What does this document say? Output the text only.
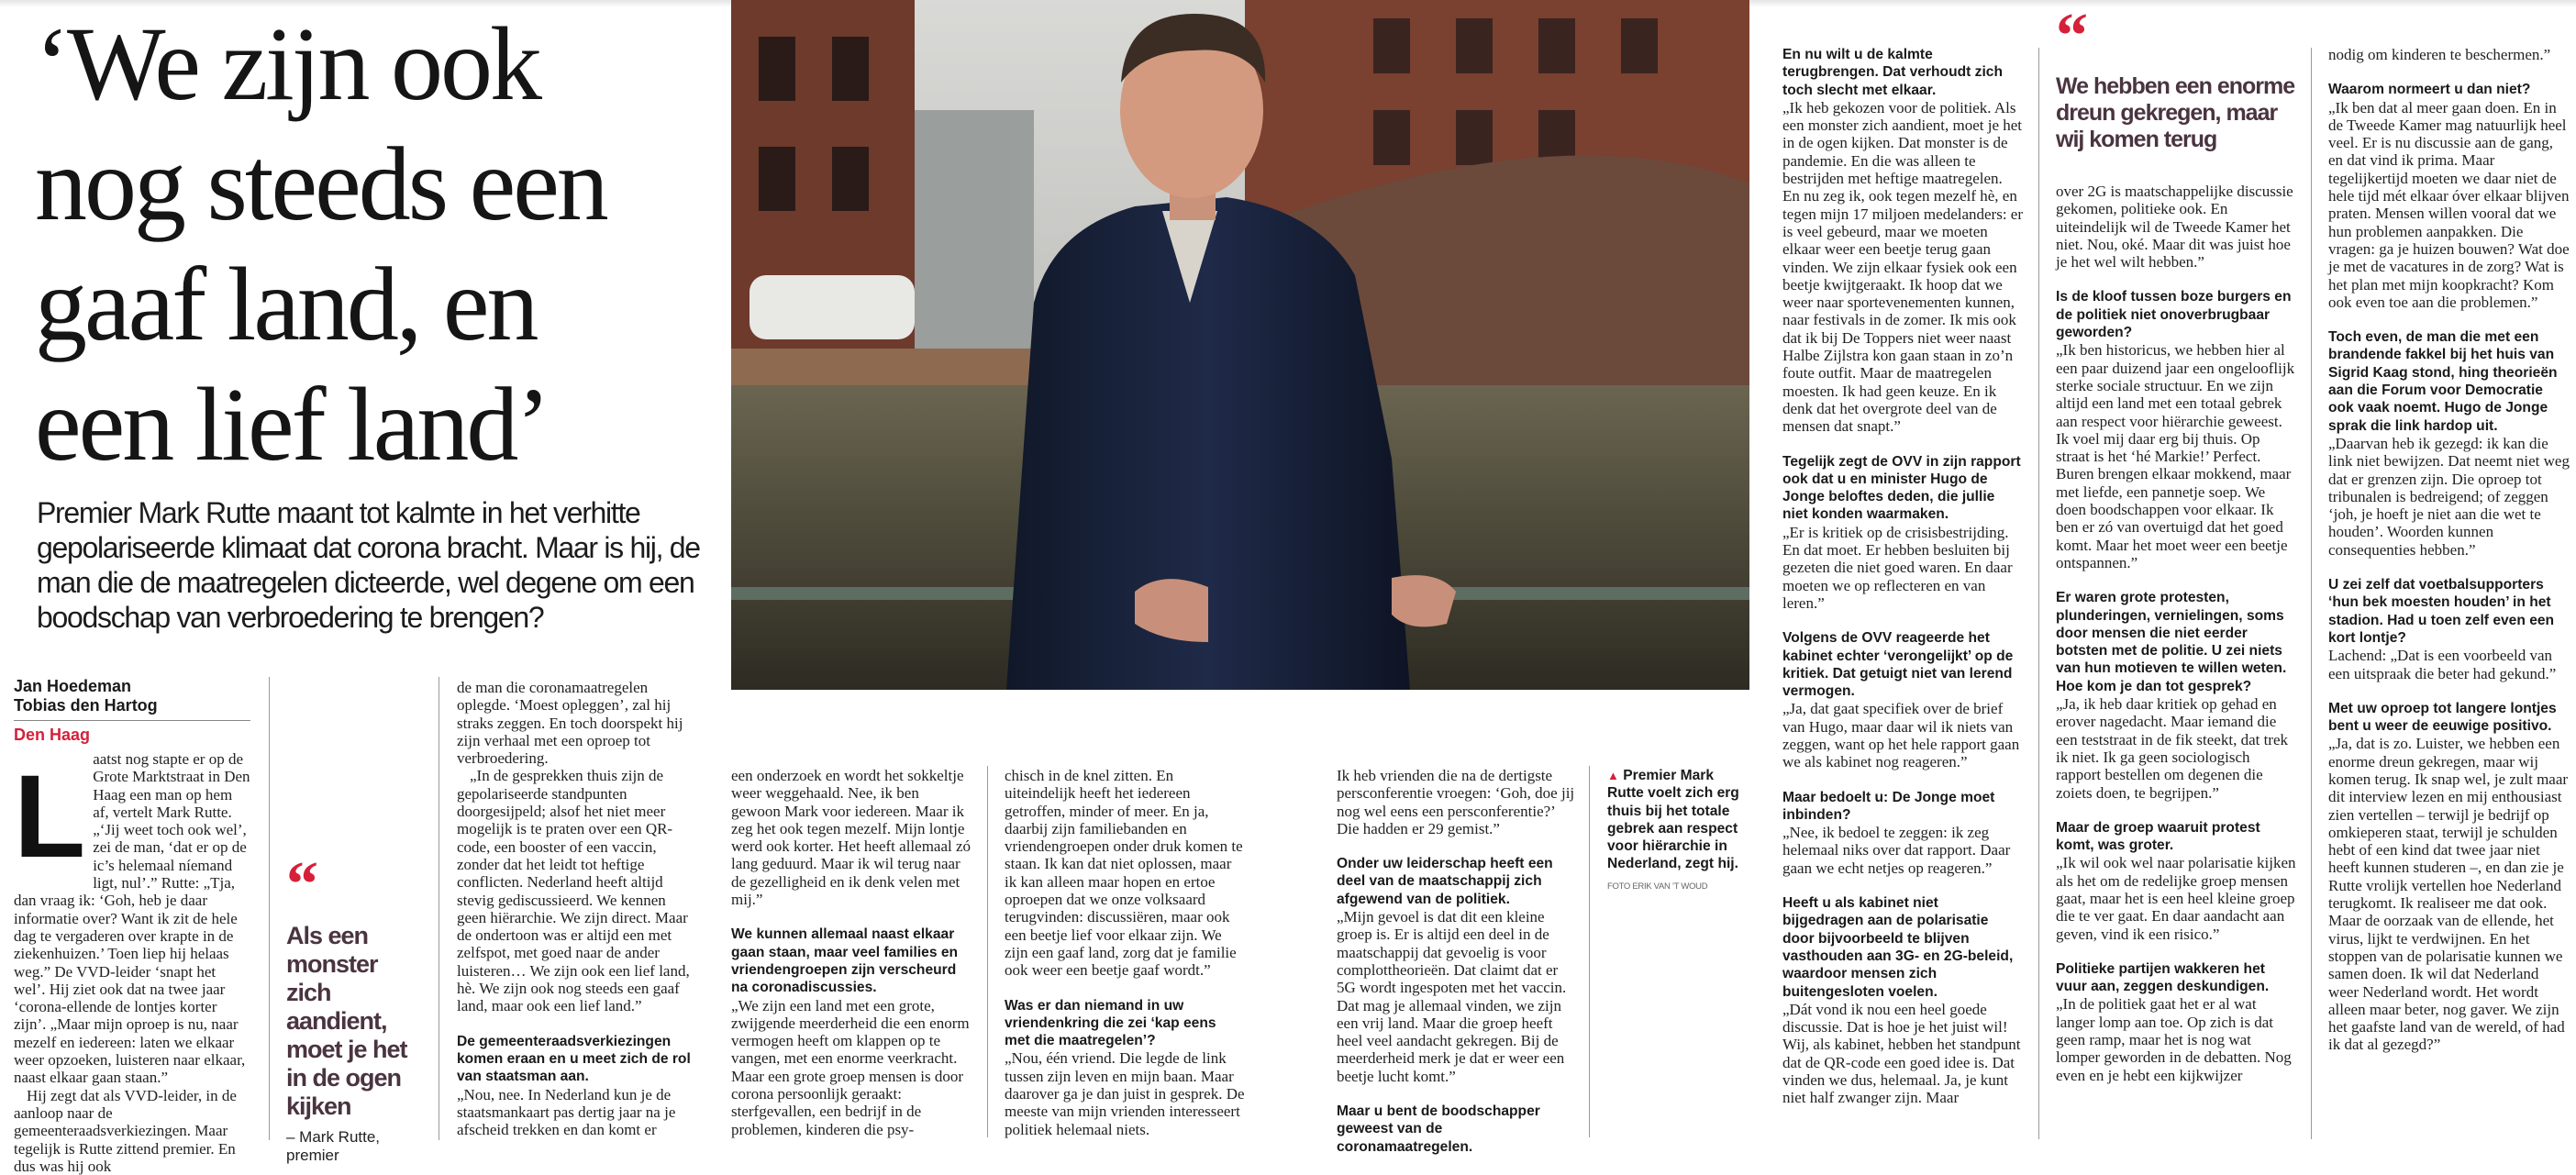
‘We zijn ook
nog steeds een
gaaf land, en
een lief land’

Premier Mark Rutte maant tot kalmte in het verhitte gepolariseerde klimaat dat corona bracht. Maar is hij, de man die de maatregelen dicteerde, wel degene om een boodschap van verbroedering te brengen?

Jan Hoedeman
Tobias den Hartog
Den Haag
L aatst nog stapte er op de Grote Marktstraat in Den Haag een man op hem af, vertelt Mark Rutte. „‘Jij weet toch ook wel’, zei de man, ‘dat er op de ic’s helemaal níemand ligt, nul’.” Rutte: „Tja, dan vraag ik: ‘Goh, heb je daar informatie over? Want ik zit de hele dag te vergaderen over krapte in de ziekenhuizen.’ Toen liep hij helaas weg.” De VVD-leider ‘snapt het wel’. Hij ziet ook dat na twee jaar ‘corona-ellende de lontjes korter zijn’. „Maar mijn oproep is nu, naar mezelf en iedereen: laten we elkaar weer opzoeken, luisteren naar elkaar, naast elkaar gaan staan.”

Hij zegt dat als VVD-leider, in de aanloop naar de gemeenteraadsverkiezingen. Maar tegelijk is Rutte zittend premier. En dus was hij ook

“
Als een monster zich aandient, moet je het in de ogen kijken
– Mark Rutte, premier

de man die coronamaatregelen oplegde. ‘Moest opleggen’, zal hij straks zeggen. En toch doorspekt hij zijn verhaal met een oproep tot verbroedering.

„In de gesprekken thuis zijn de gepolariseerde standpunten doorgesijpeld; alsof het niet meer mogelijk is te praten over een QR-code, een booster of een vaccin, zonder dat het leidt tot heftige conflicten. Nederland heeft altijd stevig gediscussieerd. We kennen geen hiërarchie. We zijn direct. Maar de ondertoon was er altijd een met zelfspot, met goed naar de ander luisteren… We zijn ook een lief land, hè. We zijn ook nog steeds een gaaf land, maar ook een lief land.”

De gemeenteraadsverkiezingen komen eraan en u meet zich de rol van staatsman aan.

„Nou, nee. In Nederland kun je de staatsmankaart pas dertig jaar na je afscheid trekken en dan komt er

een onderzoek en wordt het sokkeltje weer weggehaald. Nee, ik ben gewoon Mark voor iedereen. Maar ik zeg het ook tegen mezelf. Mijn lontje werd ook korter. Het heeft allemaal zó lang geduurd. Maar ik wil terug naar de gezelligheid en ik denk velen met mij.”

We kunnen allemaal naast elkaar gaan staan, maar veel families en vriendengroepen zijn verscheurd na coronadiscussies.

„We zijn een land met een grote, zwijgende meerderheid die een enorm vermogen heeft om klappen op te vangen, met een enorme veerkracht. Maar een grote groep mensen is door corona persoonlijk geraakt: sterfgevallen, een bedrijf in de problemen, kinderen die psy-

chisch in de knel zitten. En uiteindelijk heeft het iedereen getroffen, minder of meer. En ja, daarbij zijn familiebanden en vriendengroepen onder druk komen te staan. Ik kan dat niet oplossen, maar ik kan alleen maar hopen en ertoe oproepen dat we onze volksaard terugvinden: discussiëren, maar ook een beetje lief voor elkaar zijn. We zijn een gaaf land, zorg dat je familie ook weer een beetje gaaf wordt.”

Was er dan niemand in uw vriendenkring die zei ‘kap eens met die maatregelen’?

„Nou, één vriend. Die legde de link tussen zijn leven en mijn baan. Maar daarover ga je dan juist in gesprek. De meeste van mijn vrienden interesseert politiek helemaal niets.

Ik heb vrienden die na de dertigste persconferentie vroegen: ‘Goh, doe jij nog wel eens een persconferentie?’ Die hadden er 29 gemist.”

Onder uw leiderschap heeft een deel van de maatschappij zich afgewend van de politiek.

„Mijn gevoel is dat dit een kleine groep is. Er is altijd een deel in de maatschappij dat gevoelig is voor complottheorieën. Dat claimt dat er 5G wordt ingespoten met het vaccin. Dat mag je allemaal vinden, we zijn een vrij land. Maar die groep heeft heel veel aandacht gekregen. Bij de meerderheid merk je dat er weer een beetje lucht komt.”

Maar u bent de boodschapper geweest van de coronamaatregelen.

▲ Premier Mark Rutte voelt zich erg thuis bij het totale gebrek aan respect voor hiërarchie in Nederland, zegt hij.
FOTO ERIK VAN ’T WOUD

En nu wilt u de kalmte terugbrengen. Dat verhoudt zich toch slecht met elkaar.

„Ik heb gekozen voor de politiek. Als een monster zich aandient, moet je het in de ogen kijken. Dat monster is de pandemie. En die was alleen te bestrijden met heftige maatregelen. En nu zeg ik, ook tegen mezelf hè, en tegen mijn 17 miljoen medelanders: er is veel gebeurd, maar we moeten elkaar weer een beetje terug gaan vinden. We zijn elkaar fysiek ook een beetje kwijtgeraakt. Ik hoop dat we weer naar sportevenementen kunnen, naar festivals in de zomer. Ik mis ook dat ik bij De Toppers niet weer naast Halbe Zijlstra kon gaan staan in zo’n foute outfit. Maar de maatregelen moesten. Ik had geen keuze. En ik denk dat het overgrote deel van de mensen dat snapt.”

Tegelijk zegt de OVV in zijn rapport ook dat u en minister Hugo de Jonge beloftes deden, die jullie niet konden waarmaken.

„Er is kritiek op de crisisbestrijding. En dat moet. Er hebben besluiten bij gezeten die niet goed waren. En daar moeten we op reflecteren en van leren.”

Volgens de OVV reageerde het kabinet echter ‘verongelijkt’ op de kritiek. Dat getuigt niet van lerend vermogen.

„Ja, dat gaat specifiek over de brief van Hugo, maar daar wil ik niets van zeggen, want op het hele rapport gaan we als kabinet nog reageren.”

Maar bedoelt u: De Jonge moet inbinden?

„Nee, ik bedoel te zeggen: ik zeg helemaal niks over dat rapport. Daar gaan we echt netjes op reageren.”

Heeft u als kabinet niet bijgedragen aan de polarisatie door bijvoorbeeld te blijven vasthouden aan 3G- en 2G-beleid, waardoor mensen zich buitengesloten voelen.

„Dát vond ik nou een heel goede discussie. Dat is hoe je het juist wil! Wij, als kabinet, hebben het standpunt dat de QR-code een goed idee is. Dat vinden we dus, helemaal. Ja, je kunt niet half zwanger zijn. Maar

“
We hebben een enorme dreun gekregen, maar wij komen terug

over 2G is maatschappelijke discussie gekomen, politieke ook. En uiteindelijk wil de Tweede Kamer het niet. Nou, oké. Maar dit was juist hoe je het wel wilt hebben.”

Is de kloof tussen boze burgers en de politiek niet onoverbrugbaar geworden?

„Ik ben historicus, we hebben hier al een paar duizend jaar een ongelooflijk sterke sociale structuur. En we zijn altijd een land met een totaal gebrek aan respect voor hiërarchie geweest. Ik voel mij daar erg bij thuis. Op straat is het ‘hé Markie!’ Perfect. Buren brengen elkaar mokkend, maar met liefde, een pannetje soep. We doen boodschappen voor elkaar. Ik ben er zó van overtuigd dat het goed komt. Maar het moet weer een beetje ontspannen.”

Er waren grote protesten, plunderingen, vernielingen, soms door mensen die niet eerder botsten met de politie. U zei niets van hun motieven te willen weten. Hoe kom je dan tot gesprek?

„Ja, ik heb daar kritiek op gehad en erover nagedacht. Maar iemand die een teststraat in de fik steekt, dat trek ik niet. Ik ga geen sociologisch rapport bestellen om degenen die zoiets doen, te begrijpen.”

Maar de groep waaruit protest komt, was groter.

„Ik wil ook wel naar polarisatie kijken als het om de redelijke groep mensen gaat, maar het is een heel kleine groep die te ver gaat. En daar aandacht aan geven, vind ik een risico.”

Politieke partijen wakkeren het vuur aan, zeggen deskundigen.

„In de politiek gaat het er al wat langer lomp aan toe. Op zich is dat geen ramp, maar het is nog wat lomper geworden in de debatten. Nog even en je hebt een kijkwijzer

nodig om kinderen te beschermen.”

Waarom normeert u dan niet?

„Ik ben dat al meer gaan doen. En in de Tweede Kamer mag natuurlijk heel veel. Er is nu discussie aan de gang, en dat vind ik prima. Maar tegelijkertijd moeten we daar niet de hele tijd mét elkaar óver elkaar blijven praten. Mensen willen vooral dat we hun problemen aanpakken. Die vragen: ga je huizen bouwen? Wat doe je met de vacatures in de zorg? Wat is het plan met mijn koopkracht? Kom ook even toe aan die problemen.”

Toch even, de man die met een brandende fakkel bij het huis van Sigrid Kaag stond, hing theorieën aan die Forum voor Democratie ook vaak noemt. Hugo de Jonge sprak die link hardop uit.

„Daarvan heb ik gezegd: ik kan die link niet bewijzen. Dat neemt niet weg dat er grenzen zijn. Die oproep tot tribunalen is bedreigend; of zeggen ‘joh, je hoeft je niet aan die wet te houden’. Woorden kunnen consequenties hebben.”

U zei zelf dat voetbalsupporters ‘hun bek moesten houden’ in het stadion. Had u toen zelf even een kort lontje?

Lachend: „Dat is een voorbeeld van een uitspraak die beter had gekund.”

Met uw oproep tot langere lontjes bent u weer de eeuwige positivo.

„Ja, dat is zo. Luister, we hebben een enorme dreun gekregen, maar wij komen terug. Ik snap wel, je zult maar dit interview lezen en mij enthousiast zien vertellen – terwijl je bedrijf op omkieperen staat, terwijl je schulden hebt of een kind dat twee jaar niet heeft kunnen studeren –, en dan zie je Rutte vrolijk vertellen hoe Nederland terugkomt. Ik realiseer me dat ook. Maar de oorzaak van de ellende, het virus, lijkt te verdwijnen. En het stoppen van de polarisatie kunnen we samen doen. Ik wil dat Nederland weer Nederland wordt. Het wordt alleen maar beter, nog gaver. We zijn het gaafste land van de wereld, of had ik dat al gezegd?”
